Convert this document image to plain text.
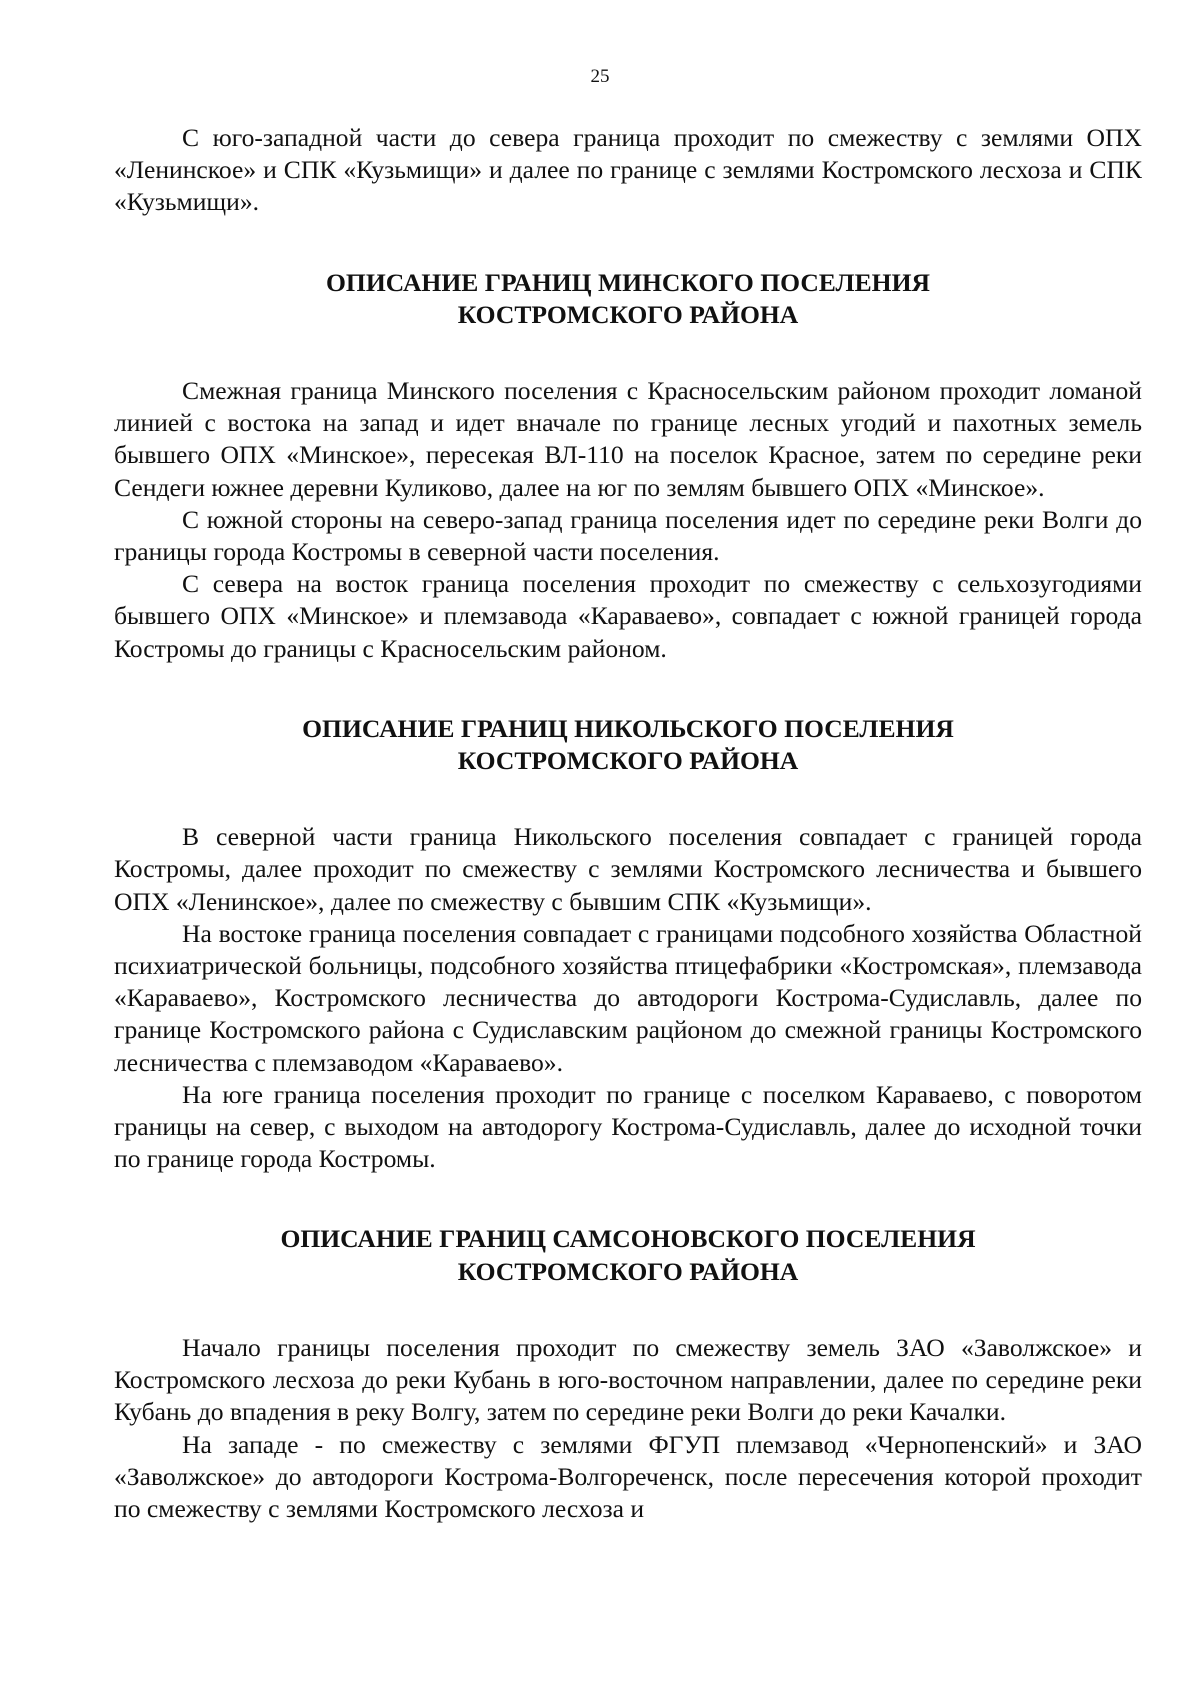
25

С юго-западной части до севера граница проходит по смежеству с землями ОПХ «Ленинское» и СПК «Кузьмищи» и далее по границе с землями Костромского лесхоза и СПК «Кузьмищи».

ОПИСАНИЕ ГРАНИЦ МИНСКОГО ПОСЕЛЕНИЯ
КОСТРОМСКОГО РАЙОНА

Смежная граница Минского поселения с Красносельским районом проходит ломаной линией с востока на запад и идет вначале по границе лесных угодий и пахотных земель бывшего ОПХ «Минское», пересекая ВЛ-110 на поселок Красное, затем по середине реки Сендеги южнее деревни Куликово, далее на юг по землям бывшего ОПХ «Минское».

С южной стороны на северо-запад граница поселения идет по середине реки Волги до границы города Костромы в северной части поселения.

С севера на восток граница поселения проходит по смежеству с сельхозугодиями бывшего ОПХ «Минское» и племзавода «Караваево», совпадает с южной границей города Костромы до границы с Красносельским районом.

ОПИСАНИЕ ГРАНИЦ НИКОЛЬСКОГО ПОСЕЛЕНИЯ
КОСТРОМСКОГО РАЙОНА

В северной части граница Никольского поселения совпадает с границей города Костромы, далее проходит по смежеству с землями Костромского лесничества и бывшего ОПХ «Ленинское», далее по смежеству с бывшим СПК «Кузьмищи».

На востоке граница поселения совпадает с границами подсобного хозяйства Областной психиатрической больницы, подсобного хозяйства птицефабрики «Костромская», племзавода «Караваево», Костромского лесничества до автодороги Кострома-Судиславль, далее по границе Костромского района с Судиславским рацйоном до смежной границы Костромского лесничества с племзаводом «Караваево».

На юге граница поселения проходит по границе с поселком Караваево, с поворотом границы на север, с выходом на автодорогу Кострома-Судиславль, далее до исходной точки по границе города Костромы.

ОПИСАНИЕ ГРАНИЦ САМСОНОВСКОГО ПОСЕЛЕНИЯ
КОСТРОМСКОГО РАЙОНА

Начало границы поселения проходит по смежеству земель ЗАО «Заволжское» и Костромского лесхоза до реки Кубань в юго-восточном направлении, далее по середине реки Кубань до впадения в реку Волгу, затем по середине реки Волги до реки Качалки.

На западе - по смежеству с землями ФГУП племзавод «Чернопенский» и ЗАО «Заволжское» до автодороги Кострома-Волгореченск, после пересечения которой проходит по смежеству с землями Костромского лесхоза и
